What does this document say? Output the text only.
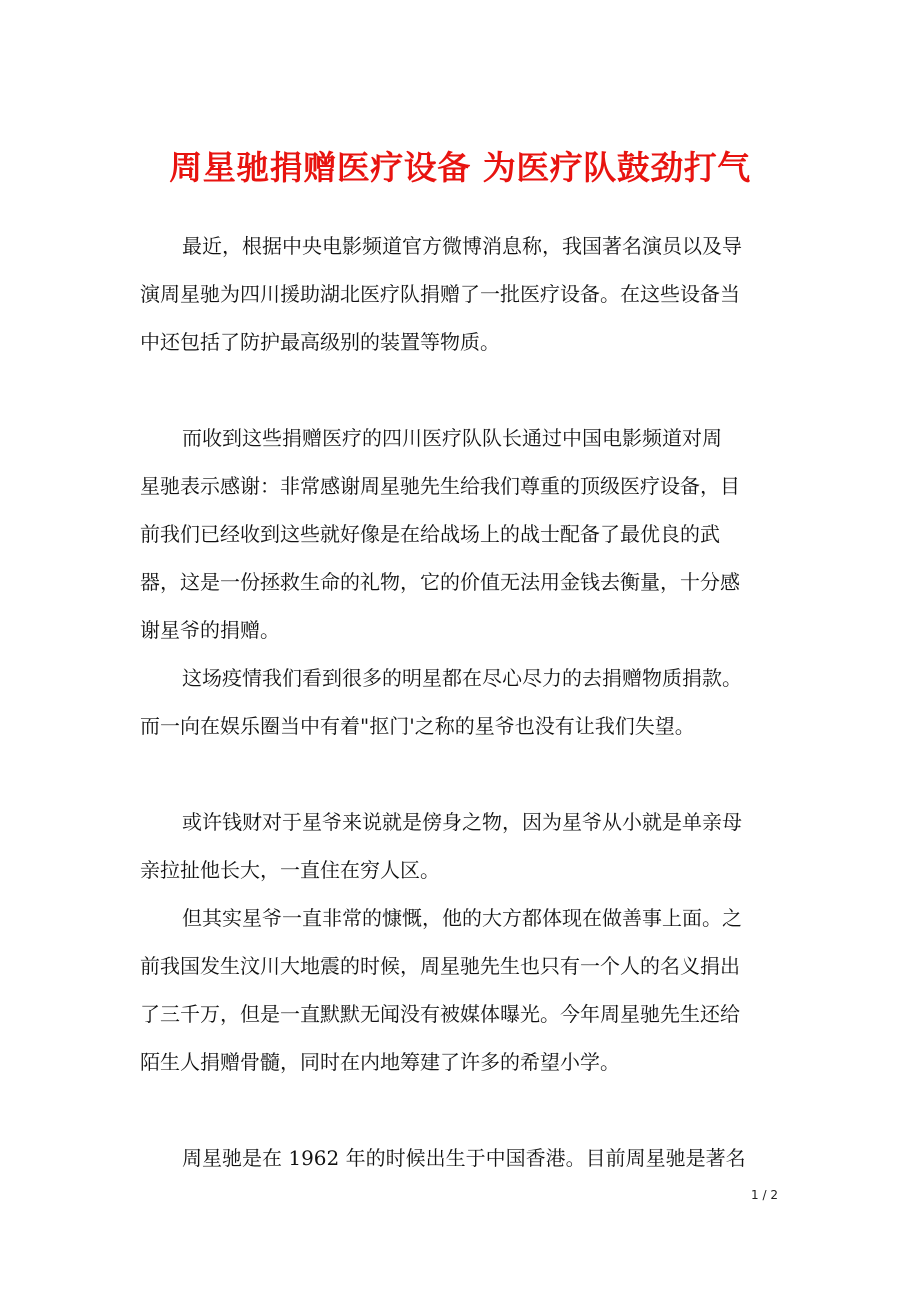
周星驰捐赠医疗设备 为医疗队鼓劲打气
最近，根据中央电影频道官方微博消息称，我国著名演员以及导
演周星驰为四川援助湖北医疗队捐赠了一批医疗设备。在这些设备当
中还包括了防护最高级别的装置等物质。
而收到这些捐赠医疗的四川医疗队队长通过中国电影频道对周
星驰表示感谢：非常感谢周星驰先生给我们尊重的顶级医疗设备，目
前我们已经收到这些就好像是在给战场上的战士配备了最优良的武
器，这是一份拯救生命的礼物，它的价值无法用金钱去衡量，十分感
谢星爷的捐赠。
这场疫情我们看到很多的明星都在尽心尽力的去捐赠物质捐款。
而一向在娱乐圈当中有着"抠门'之称的星爷也没有让我们失望。
或许钱财对于星爷来说就是傍身之物，因为星爷从小就是单亲母
亲拉扯他长大，一直住在穷人区。
但其实星爷一直非常的慷慨，他的大方都体现在做善事上面。之
前我国发生汶川大地震的时候，周星驰先生也只有一个人的名义捐出
了三千万，但是一直默默无闻没有被媒体曝光。今年周星驰先生还给
陌生人捐赠骨髓，同时在内地筹建了许多的希望小学。
周星驰是在 1962 年的时候出生于中国香港。目前周星驰是著名
1 / 2
